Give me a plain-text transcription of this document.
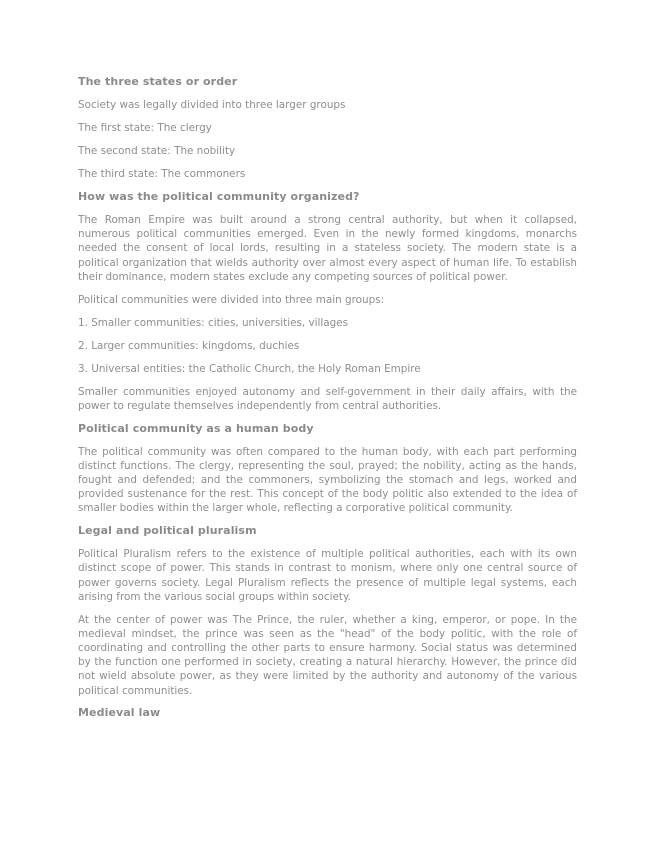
The three states or order

Society was legally divided into three larger groups

The first state: The clergy

The second state: The nobility

The third state: The commoners

How was the political community organized?

The Roman Empire was built around a strong central authority, but when it collapsed, numerous political communities emerged. Even in the newly formed kingdoms, monarchs needed the consent of local lords, resulting in a stateless society. The modern state is a political organization that wields authority over almost every aspect of human life. To establish their dominance, modern states exclude any competing sources of political power.

Political communities were divided into three main groups:

1. Smaller communities: cities, universities, villages

2. Larger communities: kingdoms, duchies

3. Universal entities: the Catholic Church, the Holy Roman Empire

Smaller communities enjoyed autonomy and self-government in their daily affairs, with the power to regulate themselves independently from central authorities.

Political community as a human body

The political community was often compared to the human body, with each part performing distinct functions. The clergy, representing the soul, prayed; the nobility, acting as the hands, fought and defended; and the commoners, symbolizing the stomach and legs, worked and provided sustenance for the rest. This concept of the body politic also extended to the idea of smaller bodies within the larger whole, reflecting a corporative political community.

Legal and political pluralism

Political Pluralism refers to the existence of multiple political authorities, each with its own distinct scope of power. This stands in contrast to monism, where only one central source of power governs society. Legal Pluralism reflects the presence of multiple legal systems, each arising from the various social groups within society.

At the center of power was The Prince, the ruler, whether a king, emperor, or pope. In the medieval mindset, the prince was seen as the "head" of the body politic, with the role of coordinating and controlling the other parts to ensure harmony. Social status was determined by the function one performed in society, creating a natural hierarchy. However, the prince did not wield absolute power, as they were limited by the authority and autonomy of the various political communities.

Medieval law
